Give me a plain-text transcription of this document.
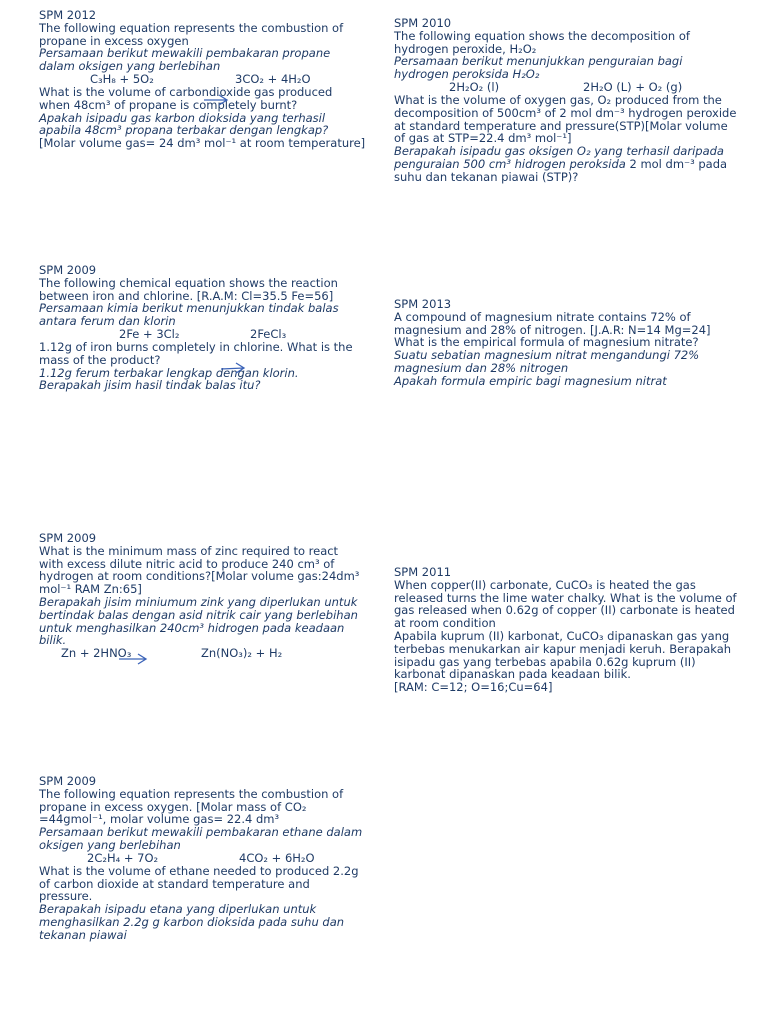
SPM 2012
The following equation represents the combustion of
propane in excess oxygen
Persamaan berikut mewakili pembakaran propane
dalam oksigen yang berlebihan
C₃H₈ + 5O₂	3CO₂ + 4H₂O
What is the volume of carbondioxide gas produced
when 48cm³ of propane is completely burnt?
Apakah isipadu gas karbon dioksida yang terhasil
apabila 48cm³ propana terbakar dengan lengkap?
[Molar volume gas= 24 dm³ mol⁻¹ at room temperature]
SPM 2010
The following equation shows the decomposition of
hydrogen peroxide, H₂O₂
Persamaan berikut menunjukkan penguraian bagi
hydrogen peroksida H₂O₂
2H₂O₂ (l)	2H₂O (L) + O₂ (g)
What is the volume of oxygen gas, O₂ produced from the
decomposition of 500cm³ of 2 mol dm⁻³ hydrogen peroxide
at standard temperature and pressure(STP)[Molar volume
of gas at STP=22.4 dm³ mol⁻¹]
Berapakah isipadu gas oksigen O₂ yang terhasil daripada
penguraian 500 cm³ hidrogen peroksida 2 mol dm⁻³ pada
suhu dan tekanan piawai (STP)?
SPM 2009
The following chemical equation shows the reaction
between iron and chlorine. [R.A.M: Cl=35.5 Fe=56]
Persamaan kimia berikut menunjukkan tindak balas
antara ferum dan klorin
2Fe + 3Cl₂	2FeCl₃
1.12g of iron burns completely in chlorine. What is the
mass of the product?
1.12g ferum terbakar lengkap dengan klorin.
Berapakah jisim hasil tindak balas itu?
SPM 2013
A compound of magnesium nitrate contains 72% of
magnesium and 28% of nitrogen. [J.A.R: N=14 Mg=24]
What is the empirical formula of magnesium nitrate?
Suatu sebatian magnesium nitrat mengandungi 72%
magnesium dan 28% nitrogen
Apakah formula empiric bagi magnesium nitrat
SPM 2009
What is the minimum mass of zinc required to react
with excess dilute nitric acid to produce 240 cm³ of
hydrogen at room conditions?[Molar volume gas:24dm³
mol⁻¹ RAM Zn:65]
Berapakah jisim miniumum zink yang diperlukan untuk
bertindak balas dengan asid nitrik cair yang berlebihan
untuk menghasilkan 240cm³ hidrogen pada keadaan
bilik.
Zn + 2HNO₃	Zn(NO₃)₂ + H₂
SPM 2011
When copper(II) carbonate, CuCO₃ is heated the gas
released turns the lime water chalky. What is the volume of
gas released when 0.62g of copper (II) carbonate is heated
at room condition
Apabila kuprum (II) karbonat, CuCO₃ dipanaskan gas yang
terbebas menukarkan air kapur menjadi keruh. Berapakah
isipadu gas yang terbebas apabila 0.62g kuprum (II)
karbonat dipanaskan pada keadaan bilik.
[RAM: C=12; O=16;Cu=64]
SPM 2009
The following equation represents the combustion of
propane in excess oxygen. [Molar mass of CO₂
=44gmol⁻¹, molar volume gas= 22.4 dm³
Persamaan berikut mewakili pembakaran ethane dalam
oksigen yang berlebihan
2C₂H₄ + 7O₂	4CO₂ + 6H₂O
What is the volume of ethane needed to produced 2.2g
of carbon dioxide at standard temperature and
pressure.
Berapakah isipadu etana yang diperlukan untuk
menghasilkan 2.2g g karbon dioksida pada suhu dan
tekanan piawai
